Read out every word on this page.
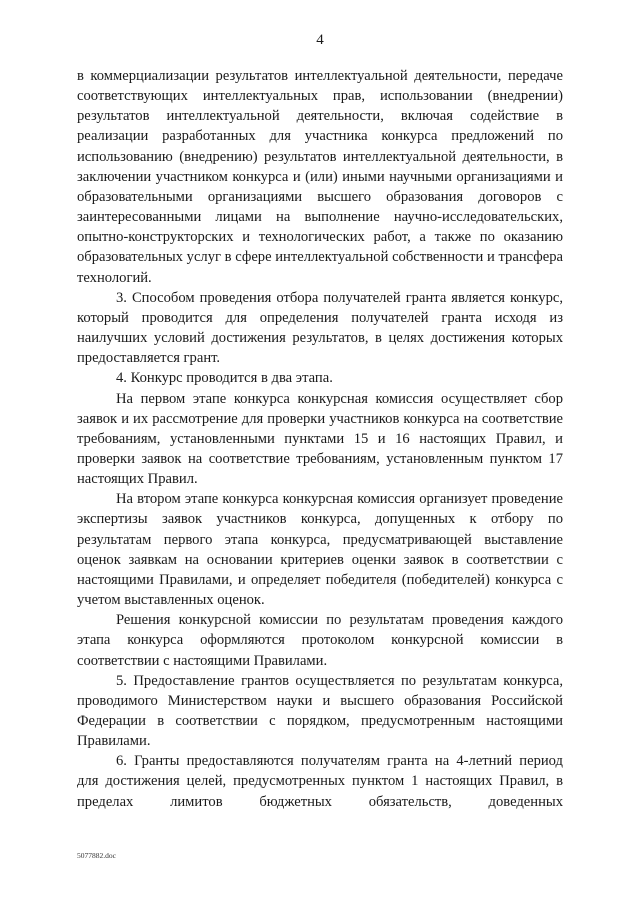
4

в коммерциализации результатов интеллектуальной деятельности, передаче соответствующих интеллектуальных прав, использовании (внедрении) результатов интеллектуальной деятельности, включая содействие в реализации разработанных для участника конкурса предложений по использованию (внедрению) результатов интеллектуальной деятельности, в заключении участником конкурса и (или) иными научными организациями и образовательными организациями высшего образования договоров с заинтересованными лицами на выполнение научно-исследовательских, опытно-конструкторских и технологических работ, а также по оказанию образовательных услуг в сфере интеллектуальной собственности и трансфера технологий.

3. Способом проведения отбора получателей гранта является конкурс, который проводится для определения получателей гранта исходя из наилучших условий достижения результатов, в целях достижения которых предоставляется грант.

4. Конкурс проводится в два этапа.

На первом этапе конкурса конкурсная комиссия осуществляет сбор заявок и их рассмотрение для проверки участников конкурса на соответствие требованиям, установленными пунктами 15 и 16 настоящих Правил, и проверки заявок на соответствие требованиям, установленным пунктом 17 настоящих Правил.

На втором этапе конкурса конкурсная комиссия организует проведение экспертизы заявок участников конкурса, допущенных к отбору по результатам первого этапа конкурса, предусматривающей выставление оценок заявкам на основании критериев оценки заявок в соответствии с настоящими Правилами, и определяет победителя (победителей) конкурса с учетом выставленных оценок.

Решения конкурсной комиссии по результатам проведения каждого этапа конкурса оформляются протоколом конкурсной комиссии в соответствии с настоящими Правилами.

5. Предоставление грантов осуществляется по результатам конкурса, проводимого Министерством науки и высшего образования Российской Федерации в соответствии с порядком, предусмотренным настоящими Правилами.

6. Гранты предоставляются получателям гранта на 4-летний период для достижения целей, предусмотренных пунктом 1 настоящих Правил, в пределах лимитов бюджетных обязательств, доведенных

5077882.doc
